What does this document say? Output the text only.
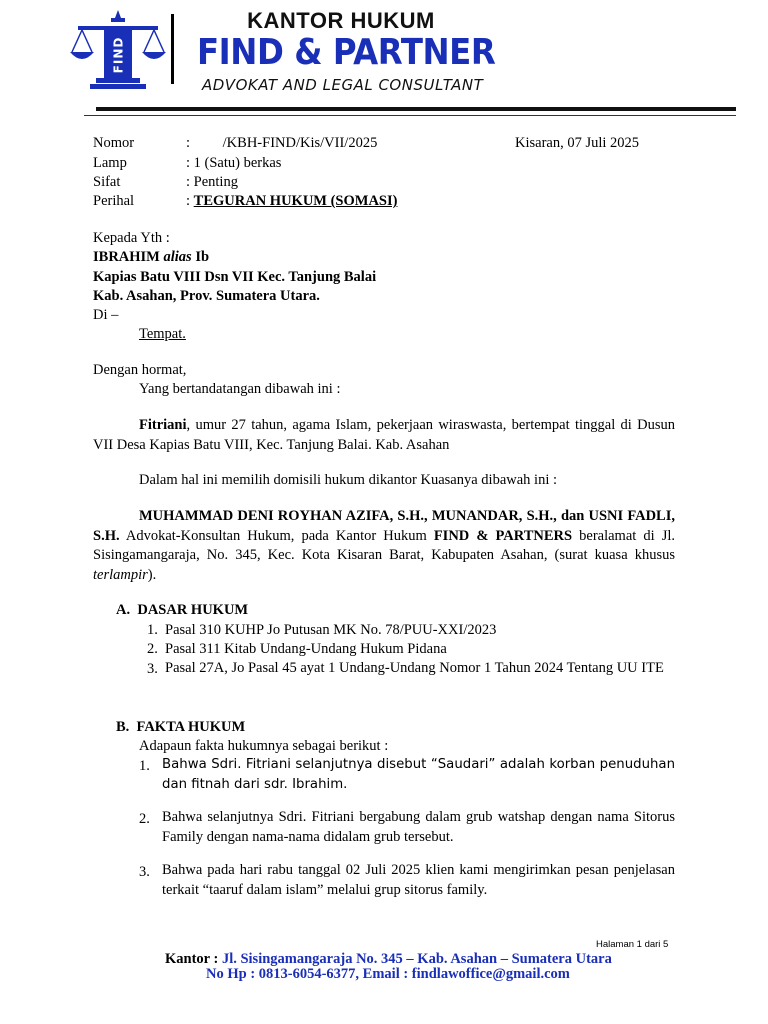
FIND
KANTOR HUKUM
FIND & PARTNER
ADVOKAT AND LEGAL CONSULTANT
Nomor	:         /KBH-FIND/Kis/VII/2025	Kisaran, 07 Juli 2025
Lamp	: 1 (Satu) berkas
Sifat	: Penting
Perihal	: TEGURAN HUKUM (SOMASI)
Kepada Yth :
IBRAHIM alias Ib
Kapias Batu VIII Dsn VII Kec. Tanjung Balai
Kab. Asahan, Prov. Sumatera Utara.
Di –
Tempat.
Dengan hormat,
Yang bertandatangan dibawah ini :
Fitriani, umur 27 tahun, agama Islam, pekerjaan wiraswasta, bertempat tinggal di Dusun VII Desa Kapias Batu VIII, Kec. Tanjung Balai. Kab. Asahan
Dalam hal ini memilih domisili hukum dikantor Kuasanya dibawah ini :
MUHAMMAD DENI ROYHAN AZIFA, S.H., MUNANDAR, S.H., dan USNI FADLI, S.H. Advokat-Konsultan Hukum, pada Kantor Hukum FIND & PARTNERS beralamat di Jl. Sisingamangaraja, No. 345, Kec. Kota Kisaran Barat, Kabupaten Asahan, (surat kuasa khusus terlampir).
A.  DASAR HUKUM
1. Pasal 310 KUHP Jo Putusan MK No. 78/PUU-XXI/2023
2. Pasal 311 Kitab Undang-Undang Hukum Pidana
3. Pasal 27A, Jo Pasal 45 ayat 1 Undang-Undang Nomor 1 Tahun 2024 Tentang UU ITE
B.  FAKTA HUKUM
Adapaun fakta hukumnya sebagai berikut :
1. Bahwa Sdri. Fitriani selanjutnya disebut “Saudari” adalah korban penuduhan dan fitnah dari sdr. Ibrahim.
2. Bahwa selanjutnya Sdri. Fitriani bergabung dalam grub watshap dengan nama Sitorus Family dengan nama-nama didalam grub tersebut.
3. Bahwa pada hari rabu tanggal 02 Juli 2025 klien kami mengirimkan pesan penjelasan terkait “taaruf dalam islam” melalui grup sitorus family.
Halaman 1 dari 5
Kantor : Jl. Sisingamangaraja No. 345 – Kab. Asahan – Sumatera Utara
No Hp : 0813-6054-6377, Email : findlawoffice@gmail.com
